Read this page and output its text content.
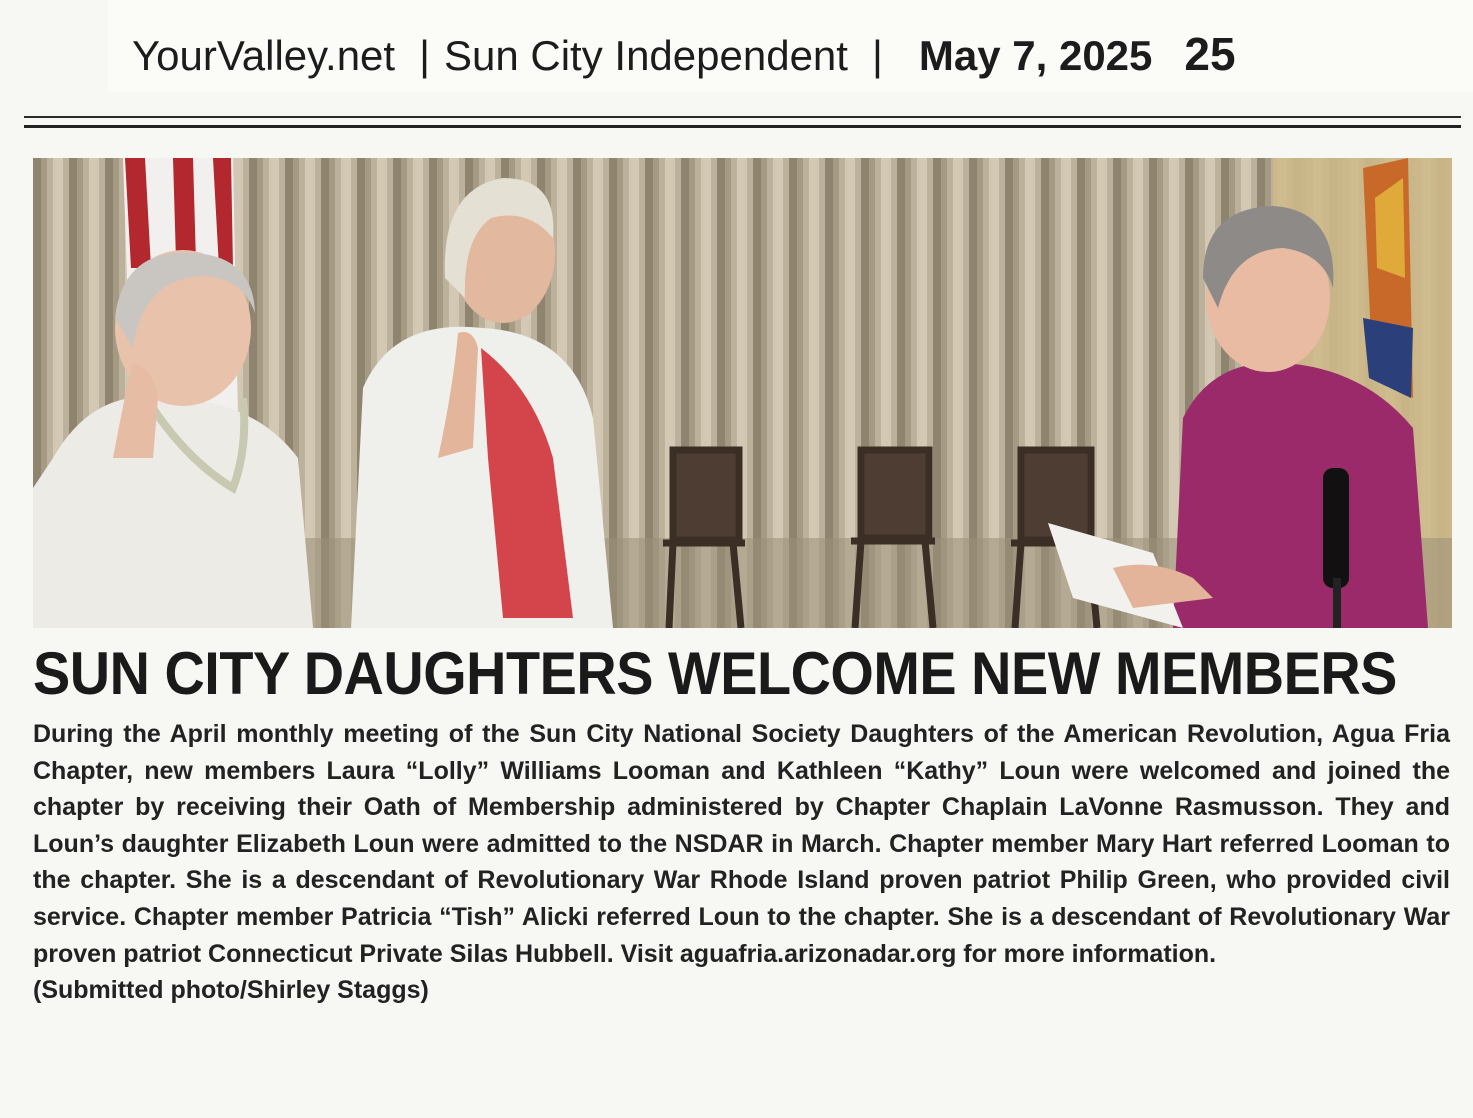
YourValley.net | Sun City Independent | May 7, 2025 25
SUN CITY DAUGHTERS WELCOME NEW MEMBERS
During the April monthly meeting of the Sun City National Society Daughters of the American Revolution, Agua Fria Chapter, new members Laura “Lolly” Williams Looman and Kathleen “Kathy” Loun were welcomed and joined the chapter by receiving their Oath of Membership administered by Chapter Chaplain LaVonne Rasmusson. They and Loun’s daughter Elizabeth Loun were admitted to the NSDAR in March. Chapter member Mary Hart referred Looman to the chapter. She is a descendant of Revolutionary War Rhode Island proven patriot Philip Green, who provided civil service. Chapter member Patricia “Tish” Alicki referred Loun to the chapter. She is a descendant of Revolutionary War proven patriot Connecticut Private Silas Hubbell. Visit aguafria.arizonadar.org for more information.
(Submitted photo/Shirley Staggs)
